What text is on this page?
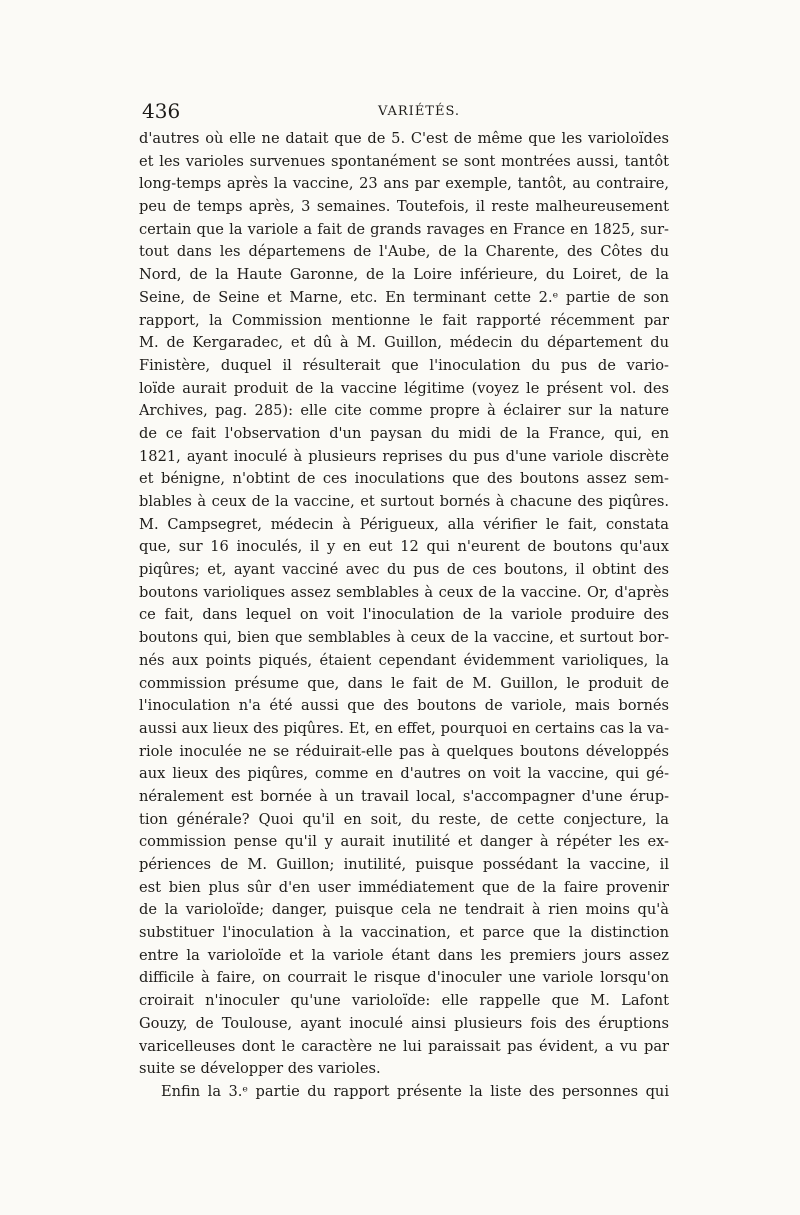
436	VARIÉTÉS.
d'autres où elle ne datait que de 5. C'est de même que les varioloïdes
et les varioles survenues spontanément se sont montrées aussi, tantôt
long-temps après la vaccine, 23 ans par exemple, tantôt, au contraire,
peu de temps après, 3 semaines. Toutefois, il reste malheureusement
certain que la variole a fait de grands ravages en France en 1825, sur-
tout dans les départemens de l'Aube, de la Charente, des Côtes du
Nord, de la Haute Garonne, de la Loire inférieure, du Loiret, de la
Seine, de Seine et Marne, etc. En terminant cette 2.ᵉ partie de son
rapport, la Commission mentionne le fait rapporté récemment par
M. de Kergaradec, et dû à M. Guillon, médecin du département du
Finistère, duquel il résulterait que l'inoculation du pus de vario-
loïde aurait produit de la vaccine légitime (voyez le présent vol. des
Archives, pag. 285): elle cite comme propre à éclairer sur la nature
de ce fait l'observation d'un paysan du midi de la France, qui, en
1821, ayant inoculé à plusieurs reprises du pus d'une variole discrète
et bénigne, n'obtint de ces inoculations que des boutons assez sem-
blables à ceux de la vaccine, et surtout bornés à chacune des piqûres.
M. Campsegret, médecin à Périgueux, alla vérifier le fait, constata
que, sur 16 inoculés, il y en eut 12 qui n'eurent de boutons qu'aux
piqûres; et, ayant vacciné avec du pus de ces boutons, il obtint des
boutons varioliques assez semblables à ceux de la vaccine. Or, d'après
ce fait, dans lequel on voit l'inoculation de la variole produire des
boutons qui, bien que semblables à ceux de la vaccine, et surtout bor-
nés aux points piqués, étaient cependant évidemment varioliques, la
commission présume que, dans le fait de M. Guillon, le produit de
l'inoculation n'a été aussi que des boutons de variole, mais bornés
aussi aux lieux des piqûres. Et, en effet, pourquoi en certains cas la va-
riole inoculée ne se réduirait-elle pas à quelques boutons développés
aux lieux des piqûres, comme en d'autres on voit la vaccine, qui gé-
néralement est bornée à un travail local, s'accompagner d'une érup-
tion générale? Quoi qu'il en soit, du reste, de cette conjecture, la
commission pense qu'il y aurait inutilité et danger à répéter les ex-
périences de M. Guillon; inutilité, puisque possédant la vaccine, il
est bien plus sûr d'en user immédiatement que de la faire provenir
de la varioloïde; danger, puisque cela ne tendrait à rien moins qu'à
substituer l'inoculation à la vaccination, et parce que la distinction
entre la varioloïde et la variole étant dans les premiers jours assez
difficile à faire, on courrait le risque d'inoculer une variole lorsqu'on
croirait n'inoculer qu'une varioloïde: elle rappelle que M. Lafont
Gouzy, de Toulouse, ayant inoculé ainsi plusieurs fois des éruptions
varicelleuses dont le caractère ne lui paraissait pas évident, a vu par
suite se développer des varioles.
Enfin la 3.ᵉ partie du rapport présente la liste des personnes qui
